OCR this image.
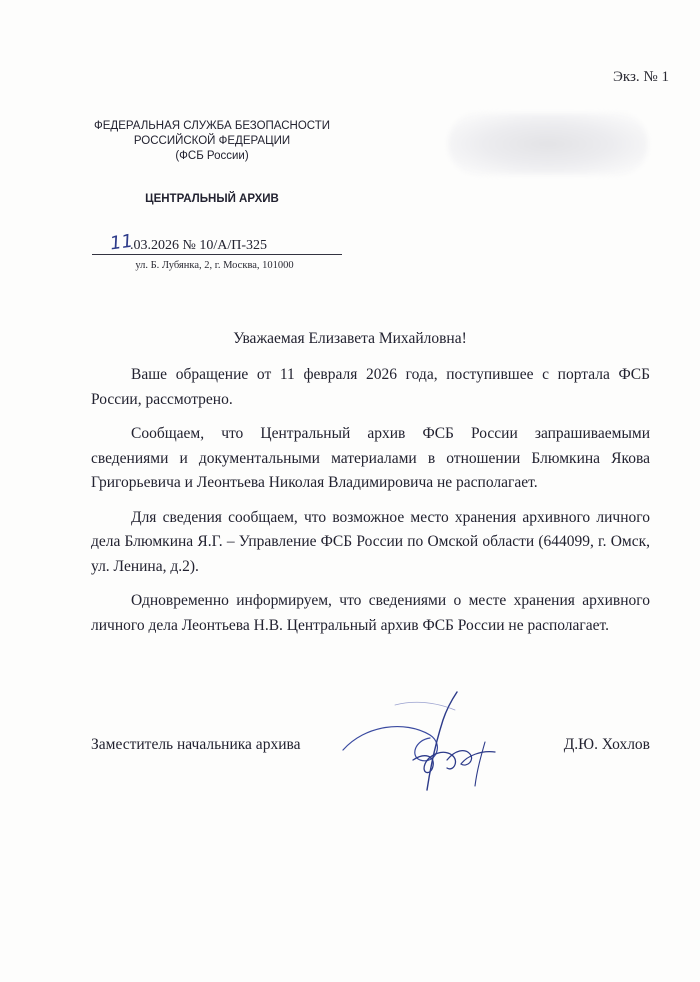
Экз. № 1
ФЕДЕРАЛЬНАЯ СЛУЖБА БЕЗОПАСНОСТИ
РОССИЙСКОЙ ФЕДЕРАЦИИ
(ФСБ России)
ЦЕНТРАЛЬНЫЙ АРХИВ
11
.03.2026 № 10/А/П-325
ул. Б. Лубянка, 2, г. Москва, 101000
Уважаемая Елизавета Михайловна!

Ваше обращение от 11 февраля 2026 года, поступившее с портала ФСБ России, рассмотрено.

Сообщаем, что Центральный архив ФСБ России запрашиваемыми сведениями и документальными материалами в отношении Блюмкина Якова Григорьевича и Леонтьева Николая Владимировича не располагает.

Для сведения сообщаем, что возможное место хранения архивного личного дела Блюмкина Я.Г. – Управление ФСБ России по Омской области (644099, г. Омск, ул. Ленина, д.2).

Одновременно информируем, что сведениями о месте хранения архивного личного дела Леонтьева Н.В. Центральный архив ФСБ России не располагает.

Заместитель начальника архива	Д.Ю. Хохлов
